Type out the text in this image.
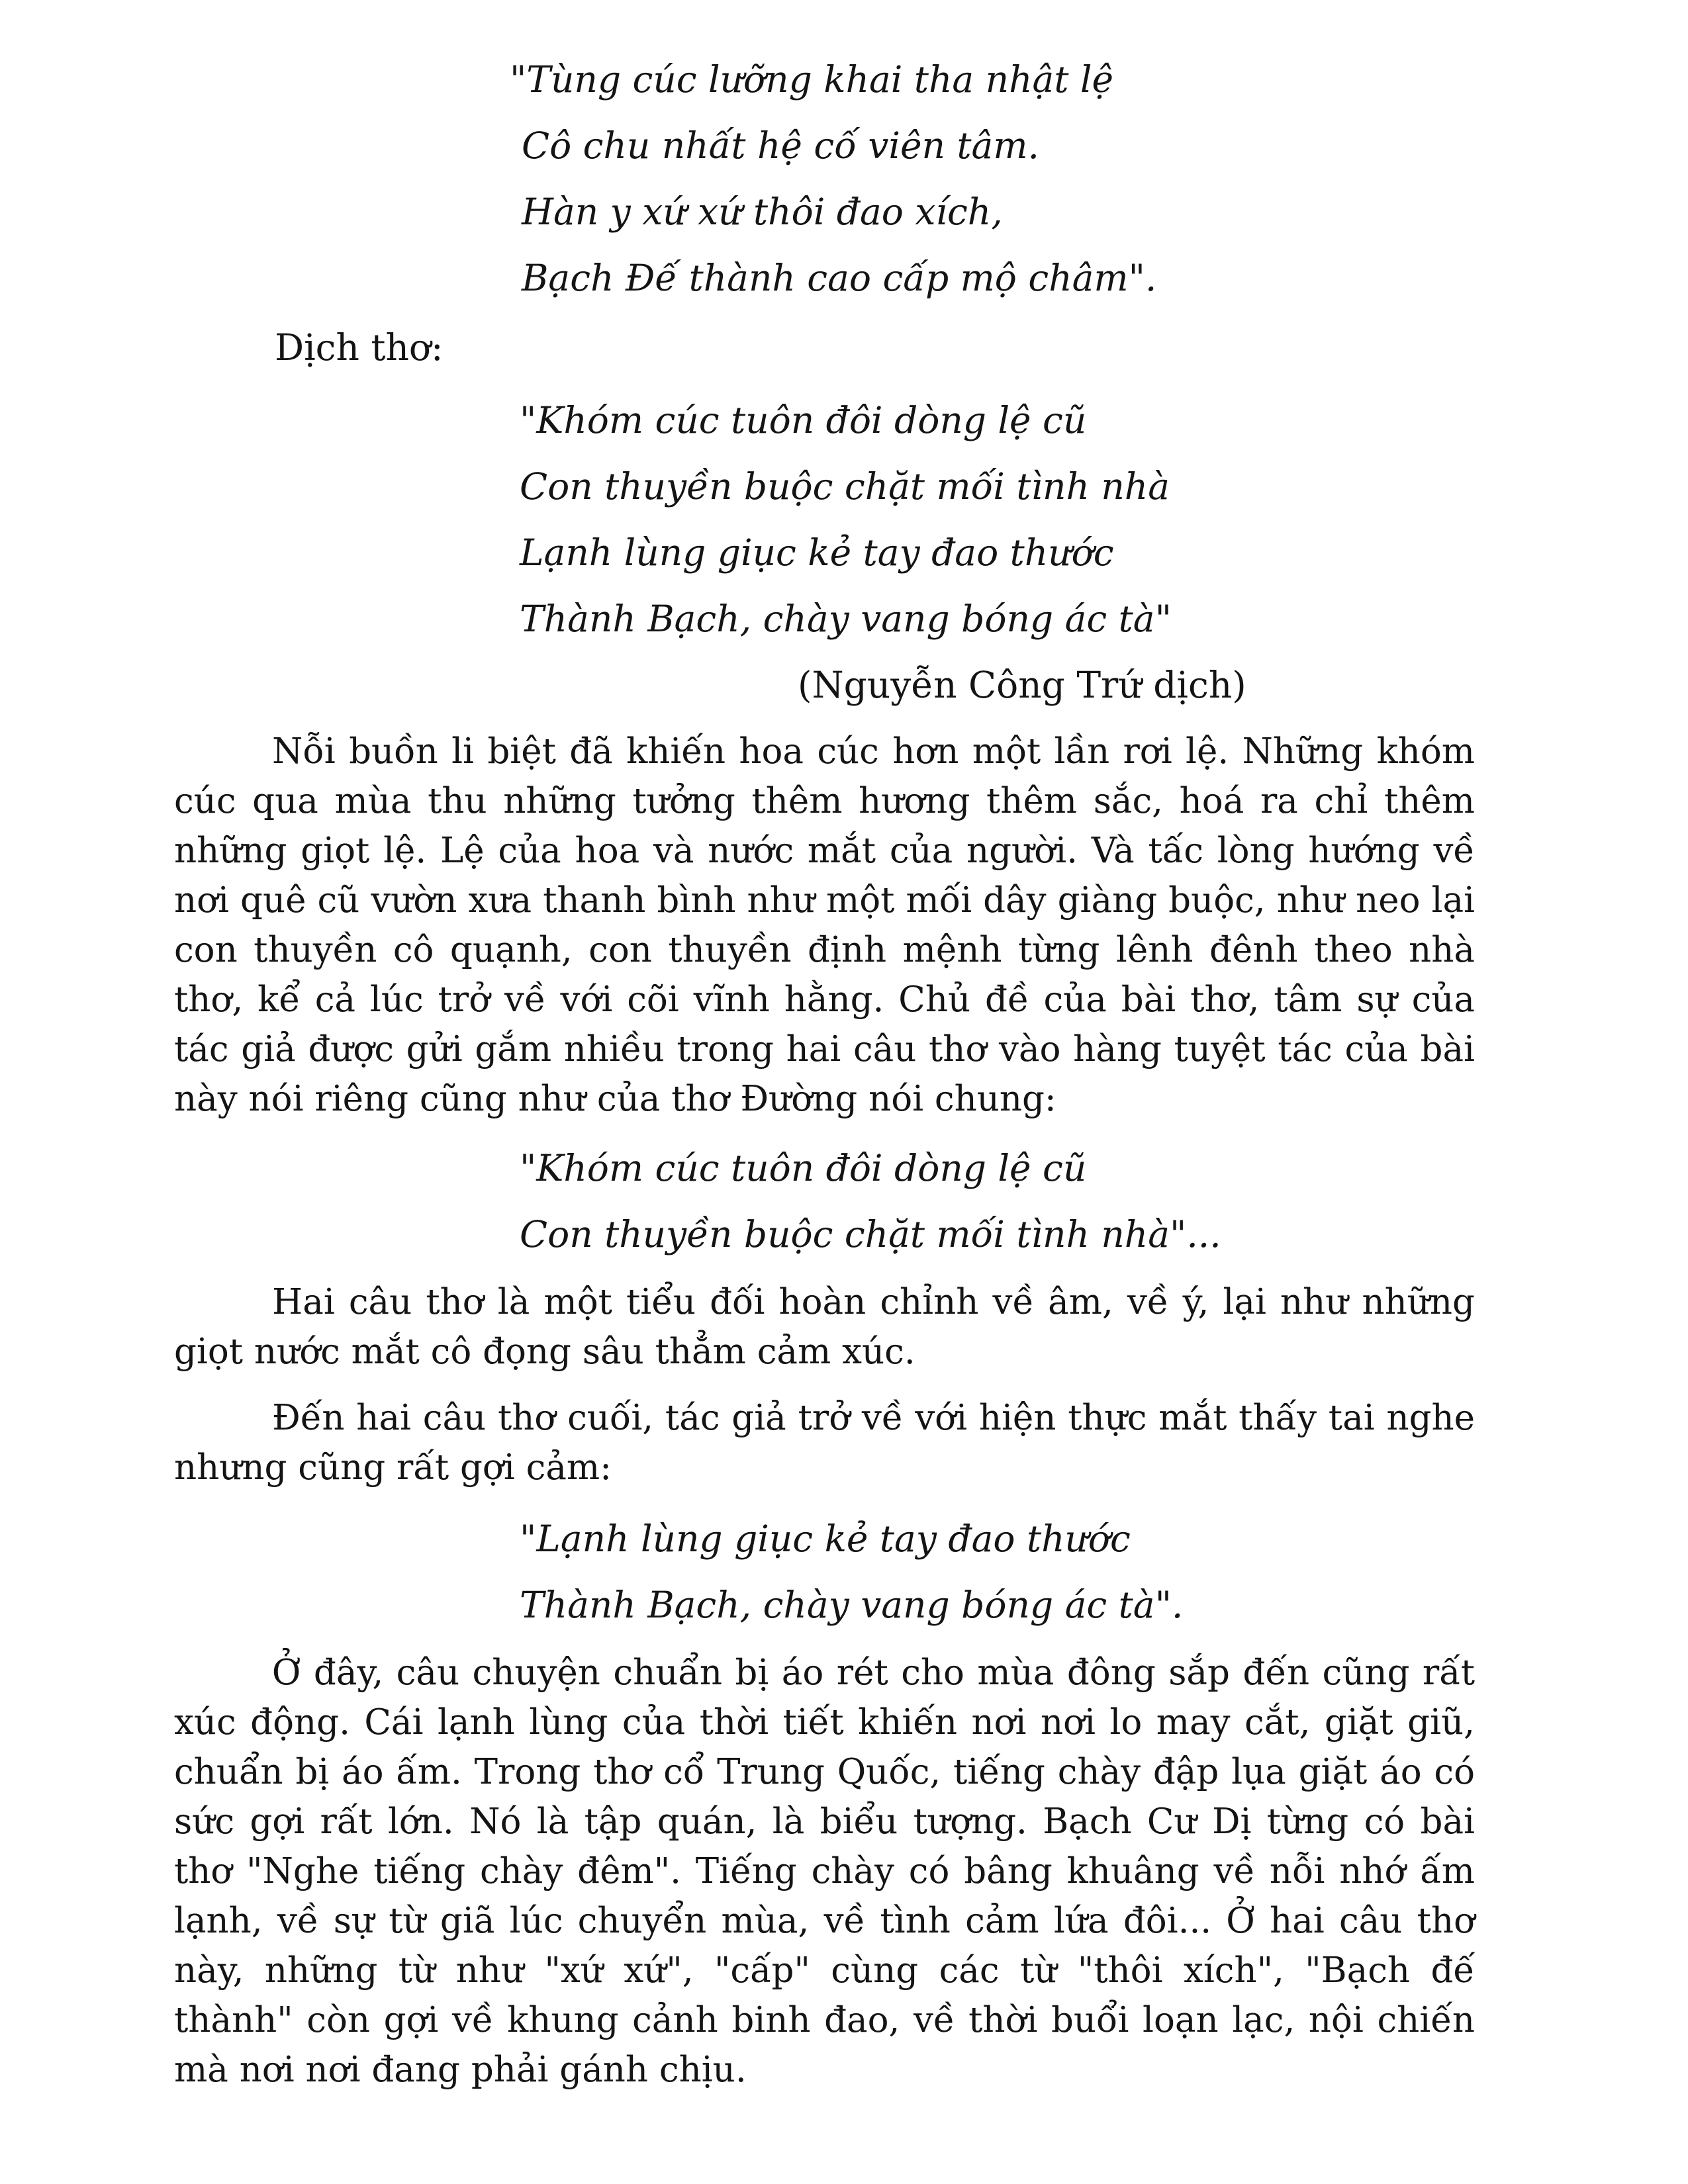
"Tùng cúc lưỡng khai tha nhật lệ
Cô chu nhất hệ cố viên tâm.
Hàn y xứ xứ thôi đao xích,
Bạch Đế thành cao cấp mộ châm".
Dịch thơ:
"Khóm cúc tuôn đôi dòng lệ cũ
Con thuyền buộc chặt mối tình nhà
Lạnh lùng giục kẻ tay đao thước
Thành Bạch, chày vang bóng ác tà"
(Nguyễn Công Trứ dịch)

Nỗi buồn li biệt đã khiến hoa cúc hơn một lần rơi lệ. Những khóm cúc qua mùa thu những tưởng thêm hương thêm sắc, hoá ra chỉ thêm những giọt lệ. Lệ của hoa và nước mắt của người. Và tấc lòng hướng về nơi quê cũ vườn xưa thanh bình như một mối dây giàng buộc, như neo lại con thuyền cô quạnh, con thuyền định mệnh từng lênh đênh theo nhà thơ, kể cả lúc trở về với cõi vĩnh hằng. Chủ đề của bài thơ, tâm sự của tác giả được gửi gắm nhiều trong hai câu thơ vào hàng tuyệt tác của bài này nói riêng cũng như của thơ Đường nói chung:

"Khóm cúc tuôn đôi dòng lệ cũ
Con thuyền buộc chặt mối tình nhà"...

Hai câu thơ là một tiểu đối hoàn chỉnh về âm, về ý, lại như những giọt nước mắt cô đọng sâu thẳm cảm xúc.

Đến hai câu thơ cuối, tác giả trở về với hiện thực mắt thấy tai nghe nhưng cũng rất gợi cảm:

"Lạnh lùng giục kẻ tay đao thước
Thành Bạch, chày vang bóng ác tà".

Ở đây, câu chuyện chuẩn bị áo rét cho mùa đông sắp đến cũng rất xúc động. Cái lạnh lùng của thời tiết khiến nơi nơi lo may cắt, giặt giũ, chuẩn bị áo ấm. Trong thơ cổ Trung Quốc, tiếng chày đập lụa giặt áo có sức gợi rất lớn. Nó là tập quán, là biểu tượng. Bạch Cư Dị từng có bài thơ "Nghe tiếng chày đêm". Tiếng chày có bâng khuâng về nỗi nhớ ấm lạnh, về sự từ giã lúc chuyển mùa, về tình cảm lứa đôi... Ở hai câu thơ này, những từ như "xứ xứ", "cấp" cùng các từ "thôi xích", "Bạch đế thành" còn gợi về khung cảnh binh đao, về thời buổi loạn lạc, nội chiến mà nơi nơi đang phải gánh chịu.
